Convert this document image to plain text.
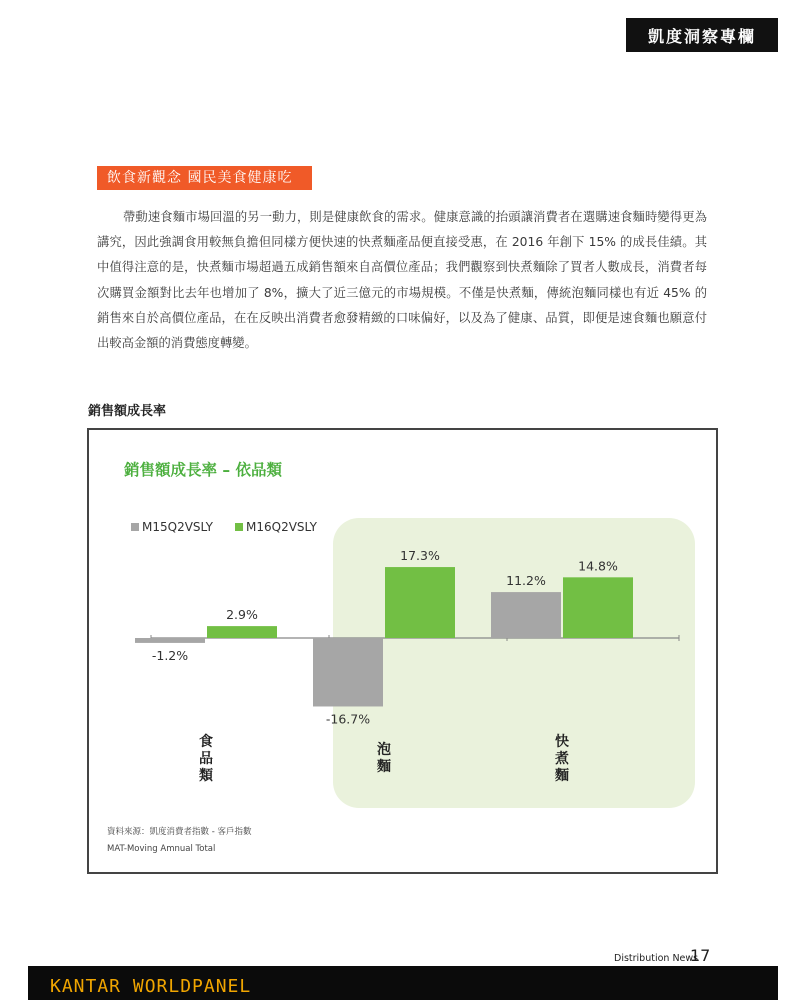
凱度洞察專欄
飲食新觀念 國民美食健康吃

帶動速食麵市場回溫的另一動力，則是健康飲食的需求。健康意識的抬頭讓消費者在選購速食麵時變得更為講究，因此強調食用較無負擔但同樣方便快速的快煮麵產品便直接受惠，在 2016 年創下 15% 的成長佳績。其中值得注意的是，快煮麵市場超過五成銷售額來自高價位產品；我們觀察到快煮麵除了買者人數成長，消費者每次購買金額對比去年也增加了 8%，擴大了近三億元的市場規模。不僅是快煮麵，傳統泡麵同樣也有近 45% 的銷售來自於高價位產品，在在反映出消費者愈發精緻的口味偏好，以及為了健康、品質，即便是速食麵也願意付出較高金額的消費態度轉變。

銷售額成長率
銷售額成長率 – 依品類
M15Q2VSLY	M16Q2VSLY
-1.2%
2.9%
食品類
-16.7%
17.3%
泡麵
11.2%
14.8%
快煮麵
資料來源：凱度消費者指數 - 客戶指數
MAT-Moving Amnual Total
Distribution News
17
KANTAR WORLDPANEL
